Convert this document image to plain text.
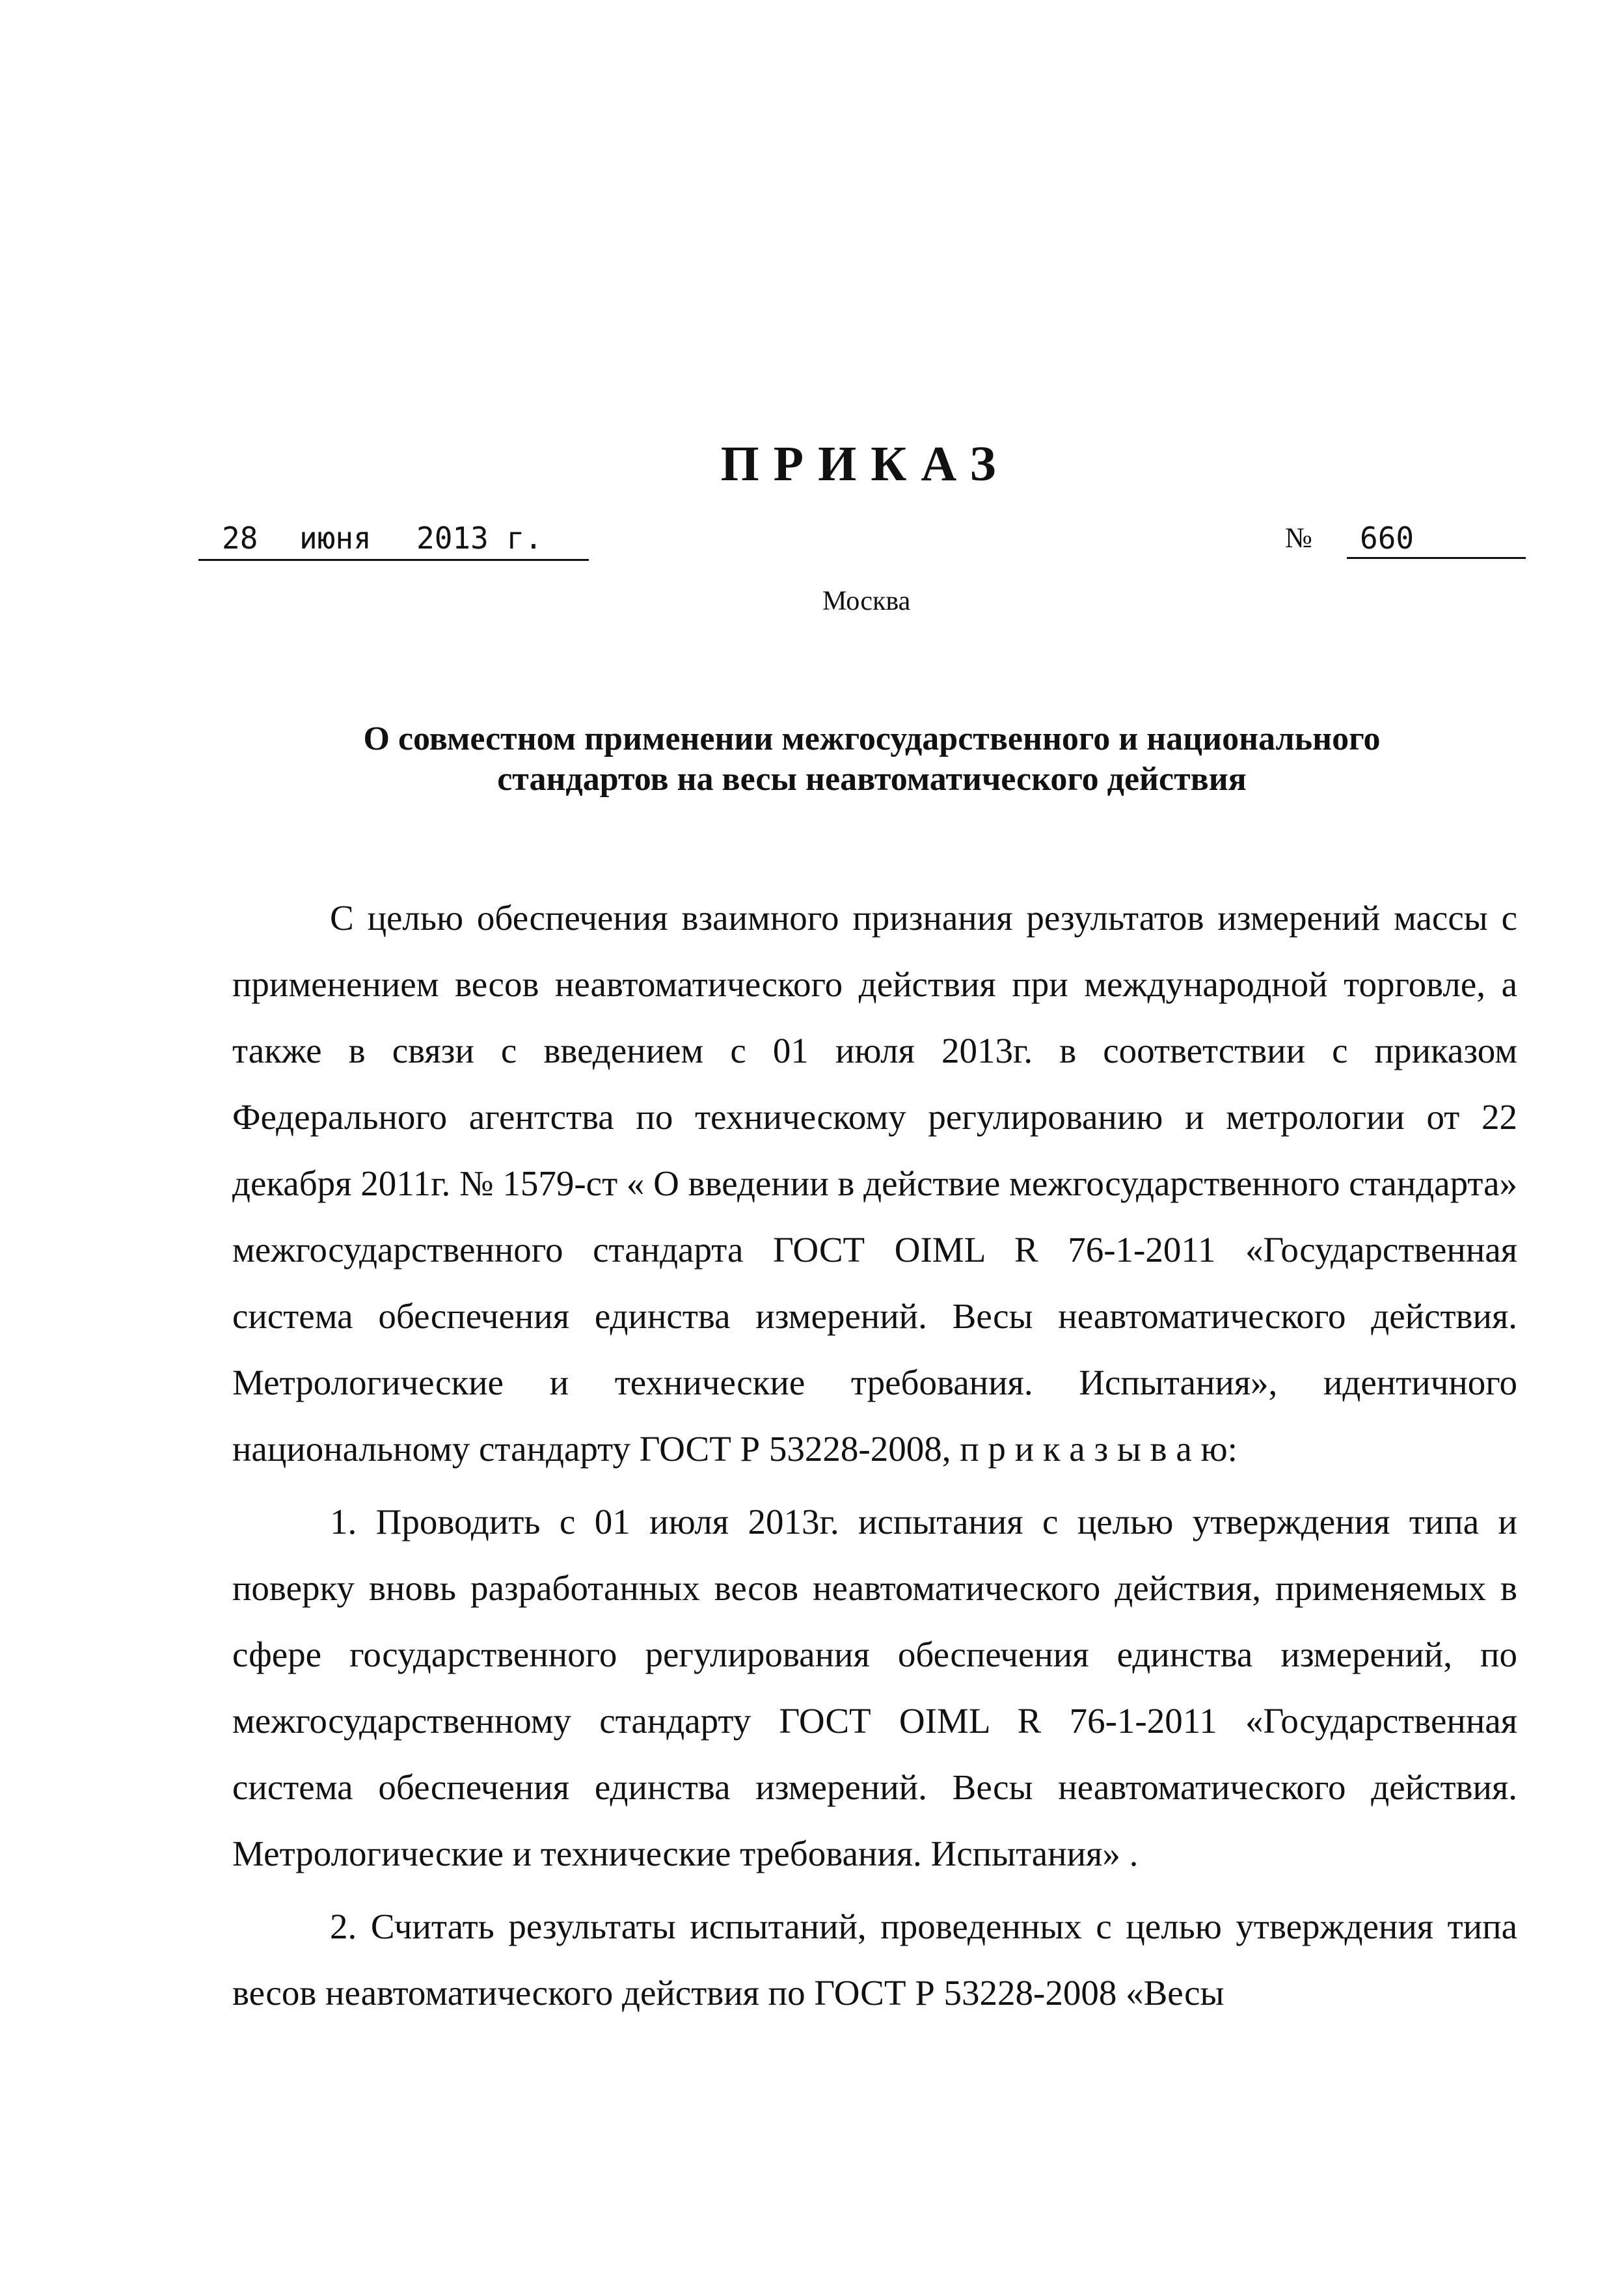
ПРИКАЗ
28 июня 2013 г.	№	660
Москва
О совместном применении межгосударственного и национального
стандартов на весы неавтоматического действия

С целью обеспечения взаимного признания результатов измерений массы с применением весов неавтоматического действия при международной торговле, а также в связи с введением с 01 июля 2013г. в соответствии с приказом Федерального агентства по техническому регулированию и метрологии от 22 декабря 2011г. № 1579-ст « О введении в действие межгосударственного стандарта» межгосударственного стандарта ГОСТ OIML R 76-1-2011 «Государственная система обеспечения единства измерений. Весы неавтоматического действия. Метрологические и технические требования. Испытания», идентичного национальному стандарту ГОСТ Р 53228-2008, п р и к а з ы в а ю:

1. Проводить с 01 июля 2013г. испытания с целью утверждения типа и поверку вновь разработанных весов неавтоматического действия, применяемых в сфере государственного регулирования обеспечения единства измерений, по межгосударственному стандарту ГОСТ OIML R 76-1-2011 «Государственная система обеспечения единства измерений. Весы неавтоматического действия. Метрологические и технические требования. Испытания» .

2. Считать результаты испытаний, проведенных с целью утверждения типа весов неавтоматического действия по ГОСТ Р 53228-2008 «Весы
